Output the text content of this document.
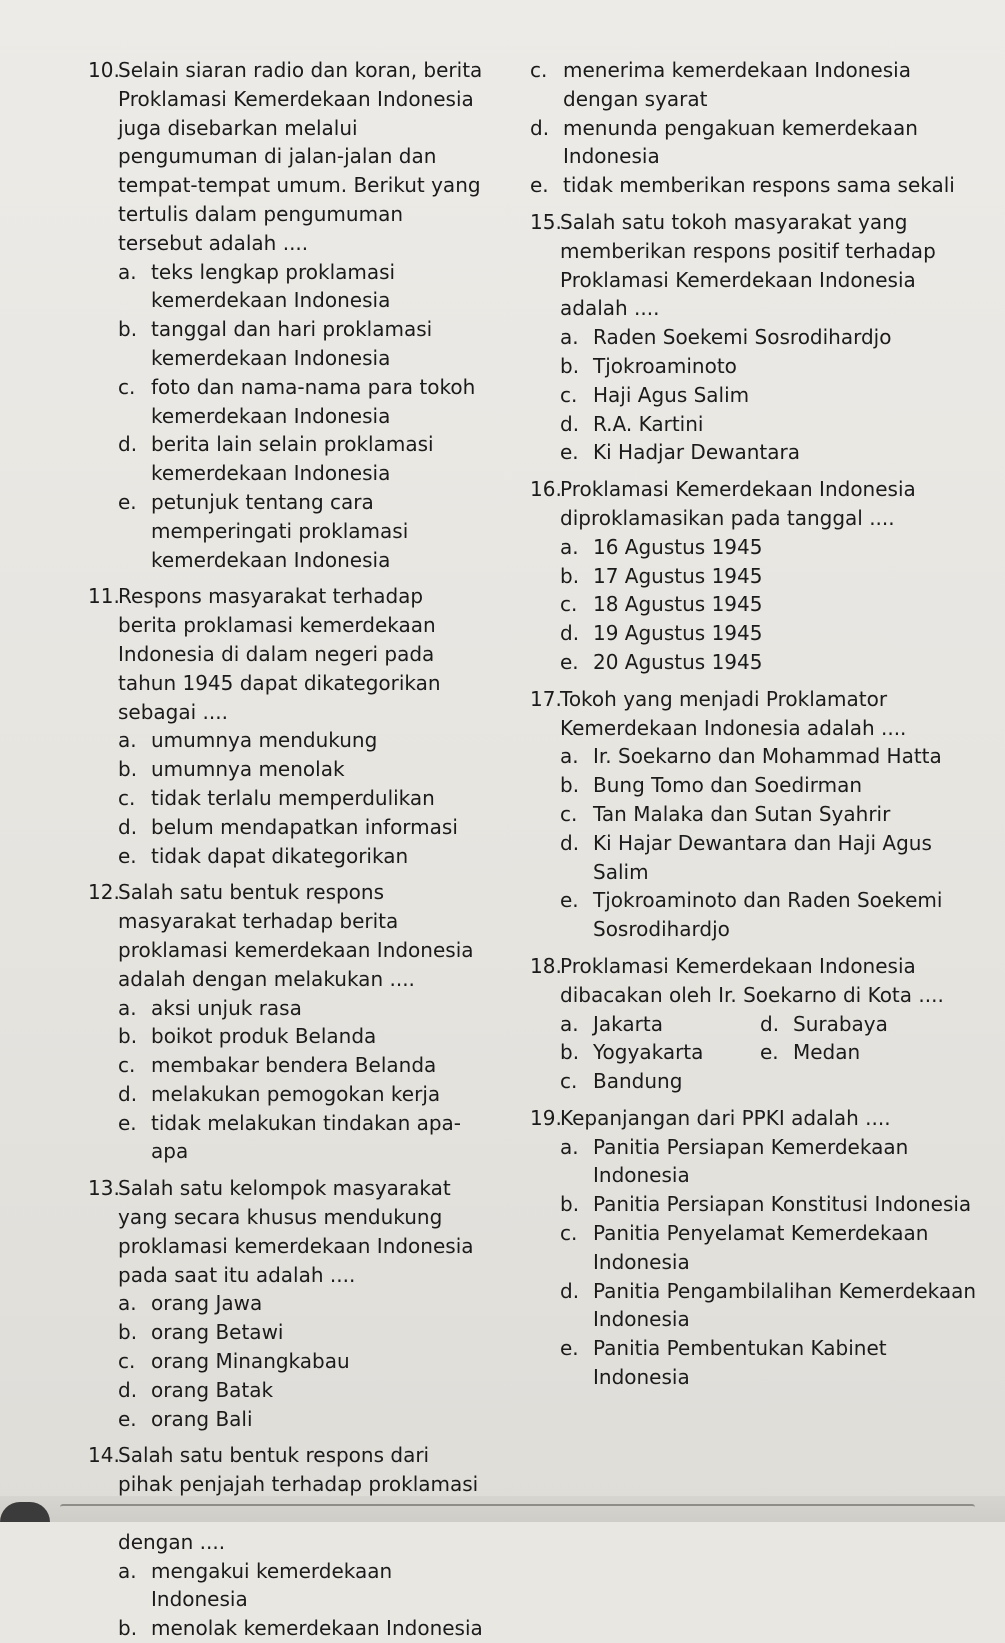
10.
Selain siaran radio dan koran, berita Proklamasi Kemerdekaan Indonesia juga disebarkan melalui pengumuman di jalan-jalan dan tempat-tempat umum. Berikut yang tertulis dalam pengumuman tersebut adalah ....
a. teks lengkap proklamasi kemerdekaan Indonesia
b. tanggal dan hari proklamasi kemerdekaan Indonesia
c. foto dan nama-nama para tokoh kemerdekaan Indonesia
d. berita lain selain proklamasi kemerdekaan Indonesia
e. petunjuk tentang cara memperingati proklamasi kemerdekaan Indonesia
11.
Respons masyarakat terhadap berita proklamasi kemerdekaan Indonesia di dalam negeri pada tahun 1945 dapat dikategorikan sebagai ....
a. umumnya mendukung
b. umumnya menolak
c. tidak terlalu memperdulikan
d. belum mendapatkan informasi
e. tidak dapat dikategorikan
12.
Salah satu bentuk respons masyarakat terhadap berita proklamasi kemerdekaan Indonesia adalah dengan melakukan ....
a. aksi unjuk rasa
b. boikot produk Belanda
c. membakar bendera Belanda
d. melakukan pemogokan kerja
e. tidak melakukan tindakan apa-apa
13.
Salah satu kelompok masyarakat yang secara khusus mendukung proklamasi kemerdekaan Indonesia pada saat itu adalah ....
a. orang Jawa
b. orang Betawi
c. orang Minangkabau
d. orang Batak
e. orang Bali
14.
Salah satu bentuk respons dari pihak penjajah terhadap proklamasi dengan ....
a. mengakui kemerdekaan Indonesia
b. menolak kemerdekaan Indonesia
c. menerima kemerdekaan Indonesia dengan syarat
d. menunda pengakuan kemerdekaan Indonesia
e. tidak memberikan respons sama sekali
15.
Salah satu tokoh masyarakat yang memberikan respons positif terhadap Proklamasi Kemerdekaan Indonesia adalah ....
a. Raden Soekemi Sosrodihardjo
b. Tjokroaminoto
c. Haji Agus Salim
d. R.A. Kartini
e. Ki Hadjar Dewantara
16.
Proklamasi Kemerdekaan Indonesia diproklamasikan pada tanggal ....
a. 16 Agustus 1945
b. 17 Agustus 1945
c. 18 Agustus 1945
d. 19 Agustus 1945
e. 20 Agustus 1945
17.
Tokoh yang menjadi Proklamator Kemerdekaan Indonesia adalah ....
a. Ir. Soekarno dan Mohammad Hatta
b. Bung Tomo dan Soedirman
c. Tan Malaka dan Sutan Syahrir
d. Ki Hajar Dewantara dan Haji Agus Salim
e. Tjokroaminoto dan Raden Soekemi Sosrodihardjo
18.
Proklamasi Kemerdekaan Indonesia dibacakan oleh Ir. Soekarno di Kota ....
a. Jakarta	d. Surabaya
b. Yogyakarta	e. Medan
c. Bandung
19.
Kepanjangan dari PPKI adalah ....
a. Panitia Persiapan Kemerdekaan Indonesia
b. Panitia Persiapan Konstitusi Indonesia
c. Panitia Penyelamat Kemerdekaan Indonesia
d. Panitia Pengambilalihan Kemerdekaan Indonesia
e. Panitia Pembentukan Kabinet Indonesia
